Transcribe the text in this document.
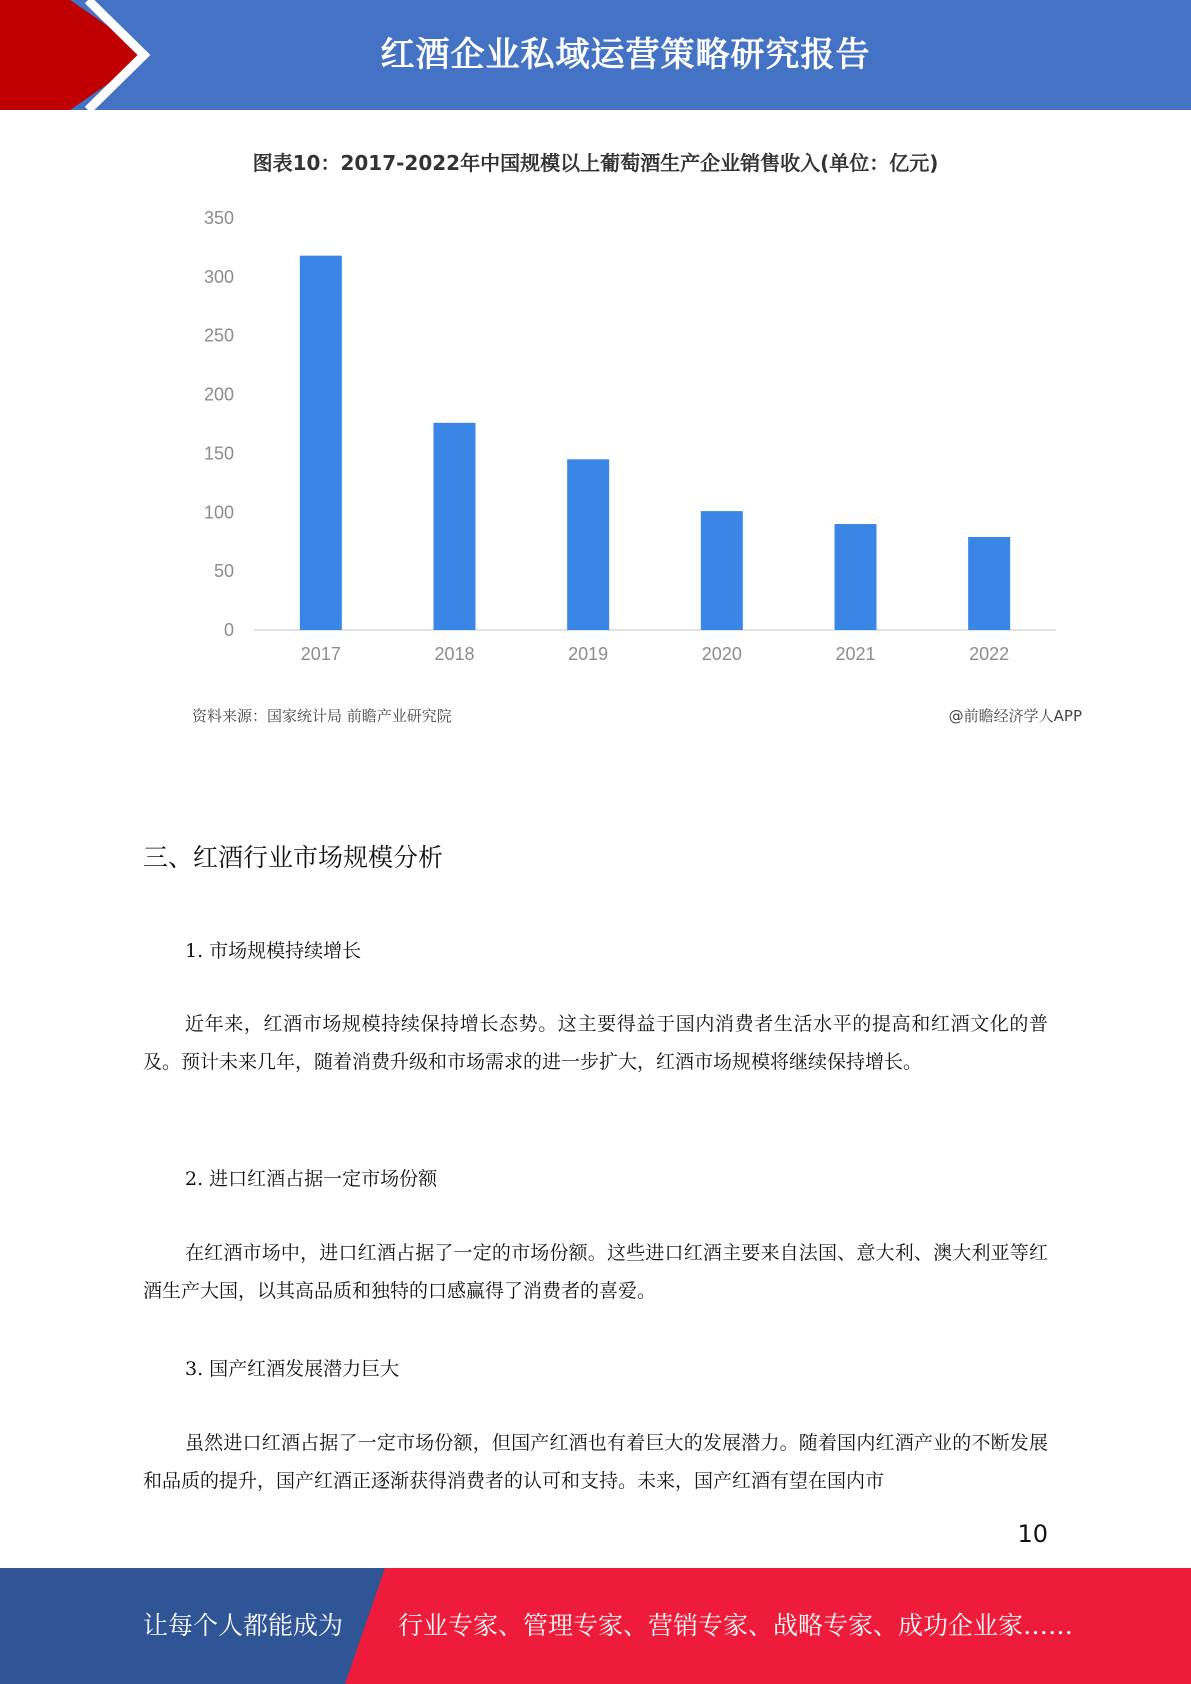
红酒企业私域运营策略研究报告
图表10：2017-2022年中国规模以上葡萄酒生产企业销售收入(单位：亿元)
0
50
100
150
200
250
300
350
2017	2018	2019	2020	2021	2022
资料来源：国家统计局 前瞻产业研究院	@前瞻经济学人APP
三、红酒行业市场规模分析
1. 市场规模持续增长

近年来，红酒市场规模持续保持增长态势。这主要得益于国内消费者生活水平的提高和红酒文化的普及。预计未来几年，随着消费升级和市场需求的进一步扩大，红酒市场规模将继续保持增长。

2. 进口红酒占据一定市场份额

在红酒市场中，进口红酒占据了一定的市场份额。这些进口红酒主要来自法国、意大利、澳大利亚等红酒生产大国，以其高品质和独特的口感赢得了消费者的喜爱。

3. 国产红酒发展潜力巨大

虽然进口红酒占据了一定市场份额，但国产红酒也有着巨大的发展潜力。随着国内红酒产业的不断发展和品质的提升，国产红酒正逐渐获得消费者的认可和支持。未来，国产红酒有望在国内市

10
让每个人都能成为 行业专家、管理专家、营销专家、战略专家、成功企业家……
